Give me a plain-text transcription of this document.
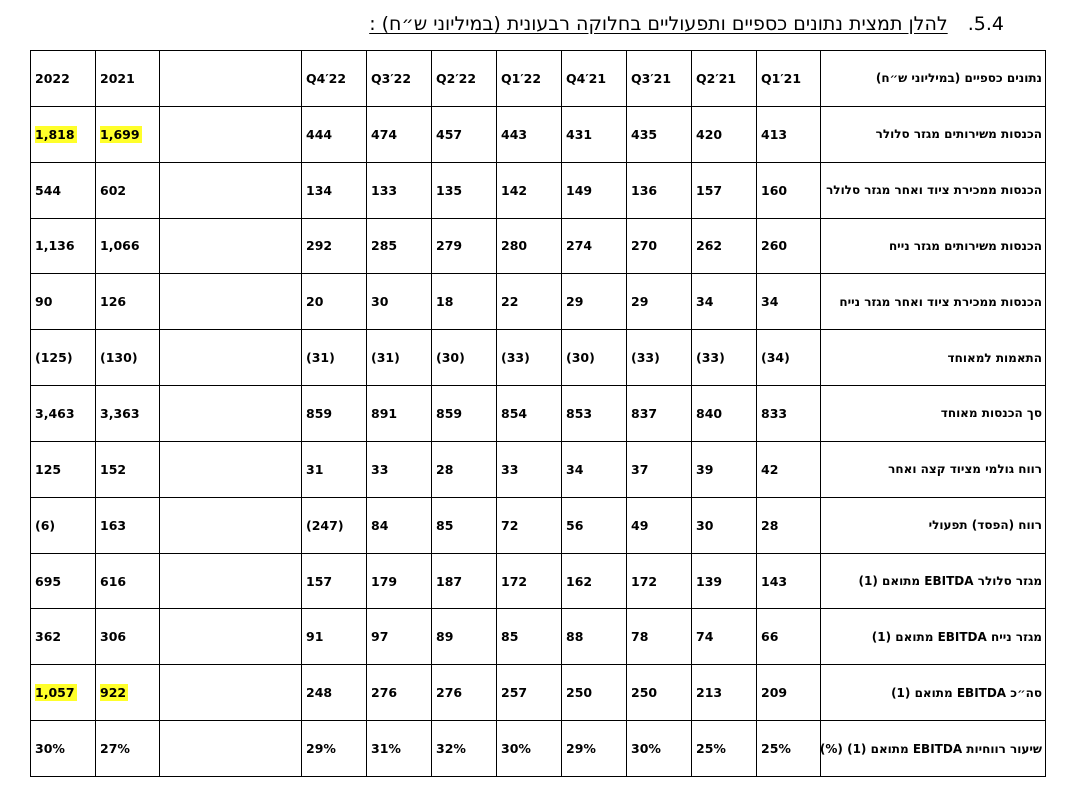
5.4. להלן תמצית נתונים כספיים ותפעוליים בחלוקה רבעונית (במיליוני ש״ח) :
נתונים כספיים (במיליוני ש״ח)	Q1′21	Q2′21	Q3′21	Q4′21	Q1′22	Q2′22	Q3′22	Q4′22		2021	2022
הכנסות משירותים מגזר סלולר	413	420	435	431	443	457	474	444		1,699	1,818
הכנסות ממכירת ציוד ואחר מגזר סלולר	160	157	136	149	142	135	133	134		602	544
הכנסות משירותים מגזר נייח	260	262	270	274	280	279	285	292		1,066	1,136
הכנסות ממכירת ציוד ואחר מגזר נייח	34	34	29	29	22	18	30	20		126	90
התאמות למאוחד	(34)	(33)	(33)	(30)	(33)	(30)	(31)	(31)		(130)	(125)
סך הכנסות מאוחד	833	840	837	853	854	859	891	859		3,363	3,463
רווח גולמי מציוד קצה ואחר	42	39	37	34	33	28	33	31		152	125
רווח (הפסד) תפעולי	28	30	49	56	72	85	84	(247)		163	(6)
מגזר סלולר EBITDA מתואם (1)	143	139	172	162	172	187	179	157		616	695
מגזר נייח EBITDA מתואם (1)	66	74	78	88	85	89	97	91		306	362
סה״כ EBITDA מתואם (1)	209	213	250	250	257	276	276	248		922	1,057
שיעור רווחיות EBITDA מתואם (1) (%)	25%	25%	30%	29%	30%	32%	31%	29%		27%	30%
